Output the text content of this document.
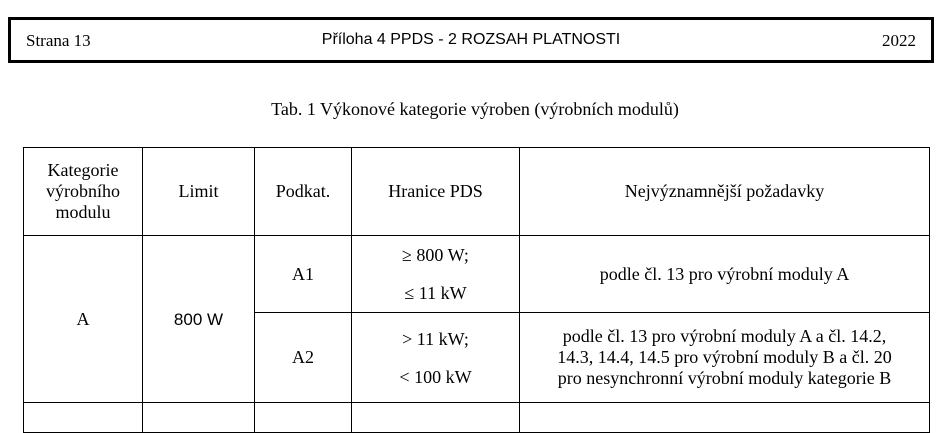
Strana 13	Příloha 4 PPDS - 2 ROZSAH PLATNOSTI	2022
Tab. 1 Výkonové kategorie výroben (výrobních modulů)
Kategorie
výrobního
modulu	Limit	Podkat.	Hranice PDS	Nejvýznamnější požadavky
A	800 W	A1	≥ 800 W;
≤ 11 kW	podle čl. 13 pro výrobní moduly A

		A2	> 11 kW;
< 100 kW	podle čl. 13 pro výrobní moduly A a čl. 14.2,
14.3, 14.4, 14.5 pro výrobní moduly B a čl. 20
pro nesynchronní výrobní moduly kategorie B
